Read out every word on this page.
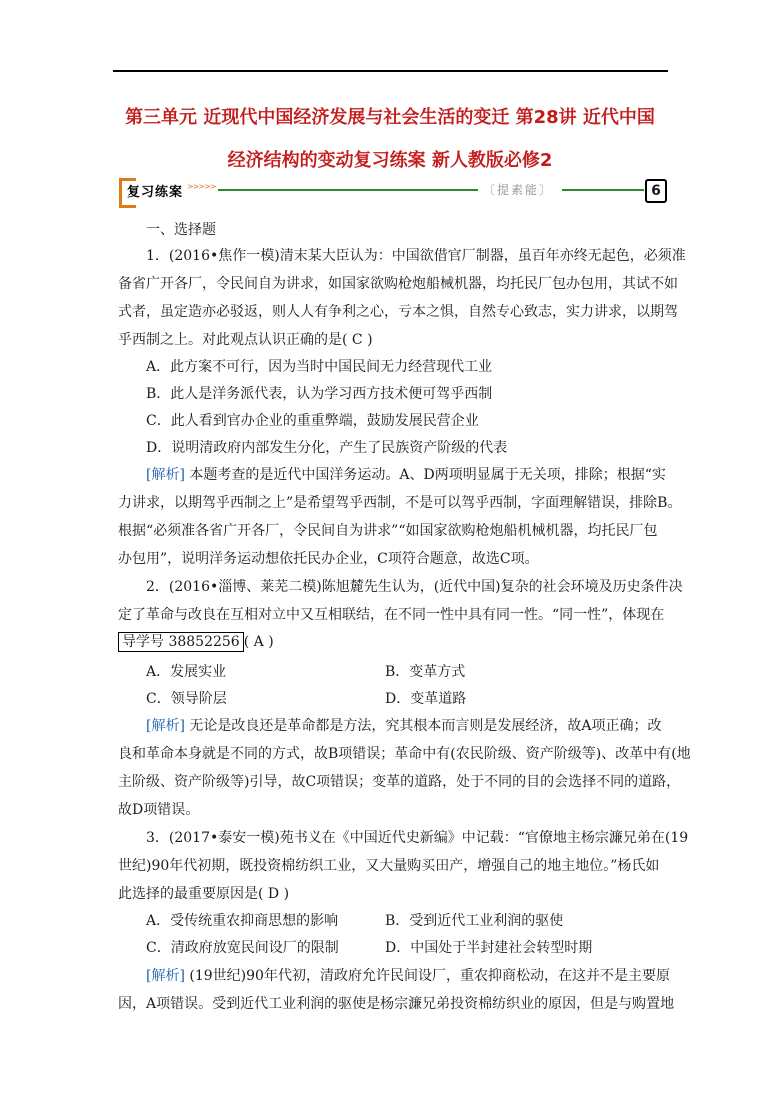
第三单元 近现代中国经济发展与社会生活的变迁 第28讲 近代中国
经济结构的变动复习练案 新人教版必修2
复习练案 >>>>>	〔提素能〕	6
一、选择题
1．(2016•焦作一模)清末某大臣认为：中国欲借官厂制器，虽百年亦终无起色，必须准
备省广开各厂，令民间自为讲求，如国家欲购枪炮船械机器，均托民厂包办包用，其试不如
式者，虽定造亦必驳返，则人人有争利之心，亏本之惧，自然专心致志，实力讲求，以期驾
乎西制之上。对此观点认识正确的是( C )
A．此方案不可行，因为当时中国民间无力经营现代工业
B．此人是洋务派代表，认为学习西方技术便可驾乎西制
C．此人看到官办企业的重重弊端，鼓励发展民营企业
D．说明清政府内部发生分化，产生了民族资产阶级的代表
[解析] 本题考查的是近代中国洋务运动。A、D两项明显属于无关项，排除；根据“实
力讲求，以期驾乎西制之上”是希望驾乎西制，不是可以驾乎西制，字面理解错误，排除B。
根据“必须准各省广开各厂，令民间自为讲求”“如国家欲购枪炮船机械机器，均托民厂包
办包用”，说明洋务运动想依托民办企业，C项符合题意，故选C项。
2．(2016•淄博、莱芜二模)陈旭麓先生认为，(近代中国)复杂的社会环境及历史条件决
定了革命与改良在互相对立中又互相联结，在不同一性中具有同一性。“同一性”，体现在
导学号 38852256 ( A )
A．发展实业	B．变革方式
C．领导阶层	D．变革道路
[解析] 无论是改良还是革命都是方法，究其根本而言则是发展经济，故A项正确；改
良和革命本身就是不同的方式，故B项错误；革命中有(农民阶级、资产阶级等)、改革中有(地
主阶级、资产阶级等)引导，故C项错误；变革的道路，处于不同的目的会选择不同的道路，
故D项错误。
3．(2017•泰安一模)苑书义在《中国近代史新编》中记载：“官僚地主杨宗濂兄弟在(19
世纪)90年代初期，既投资棉纺织工业，又大量购买田产，增强自己的地主地位。”杨氏如
此选择的最重要原因是( D )
A．受传统重农抑商思想的影响	B．受到近代工业利润的驱使
C．清政府放宽民间设厂的限制	D．中国处于半封建社会转型时期
[解析] (19世纪)90年代初，清政府允许民间设厂，重农抑商松动，在这并不是主要原
因，A项错误。受到近代工业利润的驱使是杨宗濂兄弟投资棉纺织业的原因，但是与购置地
